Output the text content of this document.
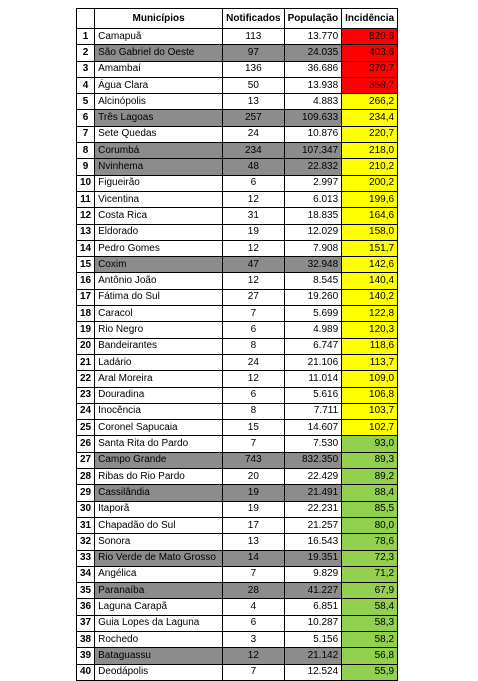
	Municípios	Notificados	População	Incidência
1	Camapuã	113	13.770	820,6
2	São Gabriel do Oeste	97	24.035	403,6
3	Amambaí	136	36.686	370,7
4	Água Clara	50	13.938	358,7
5	Alcinópolis	13	4.883	266,2
6	Três Lagoas	257	109.633	234,4
7	Sete Quedas	24	10.876	220,7
8	Corumbá	234	107.347	218,0
9	Nvinhema	48	22.832	210,2
10	Figueirão	6	2.997	200,2
11	Vicentina	12	6.013	199,6
12	Costa Rica	31	18.835	164,6
13	Eldorado	19	12.029	158,0
14	Pedro Gomes	12	7.908	151,7
15	Coxim	47	32.948	142,6
16	Antônio João	12	8.545	140,4
17	Fátima do Sul	27	19.260	140,2
18	Caracol	7	5.699	122,8
19	Rio Negro	6	4.989	120,3
20	Bandeirantes	8	6.747	118,6
21	Ladário	24	21.106	113,7
22	Aral Moreira	12	11.014	109,0
23	Douradina	6	5.616	106,8
24	Inocência	8	7.711	103,7
25	Coronel Sapucaia	15	14.607	102,7
26	Santa Rita do Pardo	7	7.530	93,0
27	Campo Grande	743	832.350	89,3
28	Ribas do Rio Pardo	20	22.429	89,2
29	Cassilândia	19	21.491	88,4
30	Itaporã	19	22.231	85,5
31	Chapadão do Sul	17	21.257	80,0
32	Sonora	13	16.543	78,6
33	Rio Verde de Mato Grosso	14	19.351	72,3
34	Angélica	7	9.829	71,2
35	Paranaíba	28	41.227	67,9
36	Laguna Carapã	4	6.851	58,4
37	Guia Lopes da Laguna	6	10.287	58,3
38	Rochedo	3	5.156	58,2
39	Bataguassu	12	21.142	56,8
40	Deodápolis	7	12.524	55,9
